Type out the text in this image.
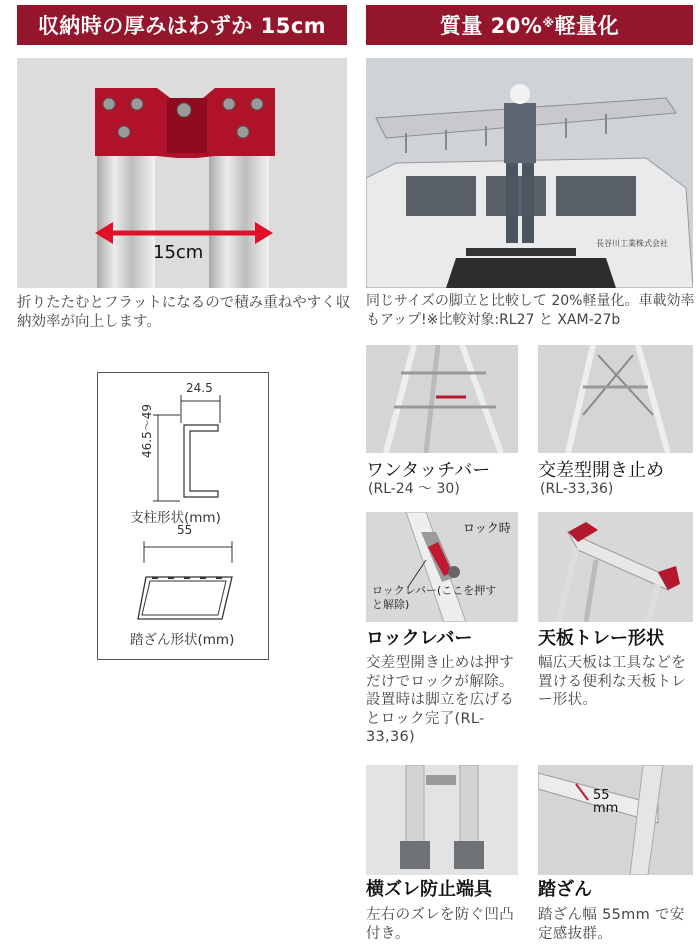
収納時の厚みはわずか 15cm
15cm
折りたたむとフラットになるので積み重ねやすく収納効率が向上します。
24.5
46.5〜49
支柱形状(mm)
55
踏ざん形状(mm)
質量 20%※ 軽量化
長谷川工業株式会社
同じサイズの脚立と比較して 20%軽量化。車載効率もアップ!※比較対象:RL27 と XAM-27b
ワンタッチバー
(RL-24 〜 30)
交差型開き止め
(RL-33,36)
ロック時
ロックレバー(ここを押すと解除)
ロックレバー
交差型開き止めは押すだけでロックが解除。設置時は脚立を広げるとロック完了(RL-33,36)
天板トレー形状
幅広天板は工具などを置ける便利な天板トレー形状。
55 mm
横ズレ防止端具
左右のズレを防ぐ凹凸付き。
踏ざん
踏ざん幅 55mm で安定感抜群。
